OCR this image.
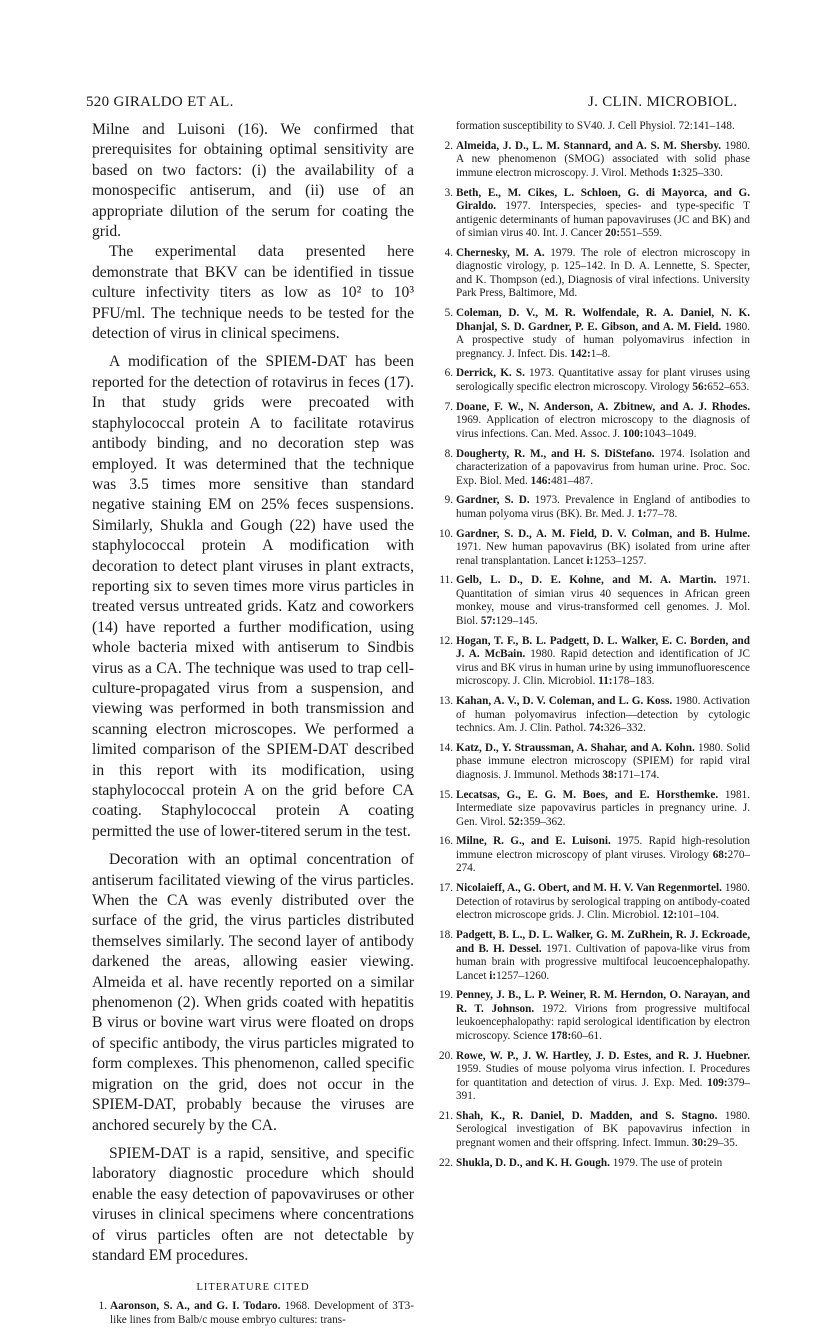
520 GIRALDO ET AL.	J. CLIN. MICROBIOL.

Milne and Luisoni (16). We confirmed that prerequisites for obtaining optimal sensitivity are based on two factors: (i) the availability of a monospecific antiserum, and (ii) use of an appropriate dilution of the serum for coating the grid.

The experimental data presented here demonstrate that BKV can be identified in tissue culture infectivity titers as low as 10² to 10³ PFU/ml. The technique needs to be tested for the detection of virus in clinical specimens.

A modification of the SPIEM-DAT has been reported for the detection of rotavirus in feces (17). In that study grids were precoated with staphylococcal protein A to facilitate rotavirus antibody binding, and no decoration step was employed. It was determined that the technique was 3.5 times more sensitive than standard negative staining EM on 25% feces suspensions. Similarly, Shukla and Gough (22) have used the staphylococcal protein A modification with decoration to detect plant viruses in plant extracts, reporting six to seven times more virus particles in treated versus untreated grids. Katz and coworkers (14) have reported a further modification, using whole bacteria mixed with antiserum to Sindbis virus as a CA. The technique was used to trap cell-culture-propagated virus from a suspension, and viewing was performed in both transmission and scanning electron microscopes. We performed a limited comparison of the SPIEM-DAT described in this report with its modification, using staphylococcal protein A on the grid before CA coating. Staphylococcal protein A coating permitted the use of lower-titered serum in the test.

Decoration with an optimal concentration of antiserum facilitated viewing of the virus particles. When the CA was evenly distributed over the surface of the grid, the virus particles distributed themselves similarly. The second layer of antibody darkened the areas, allowing easier viewing. Almeida et al. have recently reported on a similar phenomenon (2). When grids coated with hepatitis B virus or bovine wart virus were floated on drops of specific antibody, the virus particles migrated to form complexes. This phenomenon, called specific migration on the grid, does not occur in the SPIEM-DAT, probably because the viruses are anchored securely by the CA.

SPIEM-DAT is a rapid, sensitive, and specific laboratory diagnostic procedure which should enable the easy detection of papovaviruses or other viruses in clinical specimens where concentrations of virus particles often are not detectable by standard EM procedures.

LITERATURE CITED
1. Aaronson, S. A., and G. I. Todaro. 1968. Development of 3T3-like lines from Balb/c mouse embryo cultures: trans-
formation susceptibility to SV40. J. Cell Physiol. 72:141–148.
2. Almeida, J. D., L. M. Stannard, and A. S. M. Shersby. 1980. A new phenomenon (SMOG) associated with solid phase immune electron microscopy. J. Virol. Methods 1:325–330.
3. Beth, E., M. Cikes, L. Schloen, G. di Mayorca, and G. Giraldo. 1977. Interspecies, species- and type-specific T antigenic determinants of human papovaviruses (JC and BK) and of simian virus 40. Int. J. Cancer 20:551–559.
4. Chernesky, M. A. 1979. The role of electron microscopy in diagnostic virology, p. 125–142. In D. A. Lennette, S. Specter, and K. Thompson (ed.), Diagnosis of viral infections. University Park Press, Baltimore, Md.
5. Coleman, D. V., M. R. Wolfendale, R. A. Daniel, N. K. Dhanjal, S. D. Gardner, P. E. Gibson, and A. M. Field. 1980. A prospective study of human polyomavirus infection in pregnancy. J. Infect. Dis. 142:1–8.
6. Derrick, K. S. 1973. Quantitative assay for plant viruses using serologically specific electron microscopy. Virology 56:652–653.
7. Doane, F. W., N. Anderson, A. Zbitnew, and A. J. Rhodes. 1969. Application of electron microscopy to the diagnosis of virus infections. Can. Med. Assoc. J. 100:1043–1049.
8. Dougherty, R. M., and H. S. DiStefano. 1974. Isolation and characterization of a papovavirus from human urine. Proc. Soc. Exp. Biol. Med. 146:481–487.
9. Gardner, S. D. 1973. Prevalence in England of antibodies to human polyoma virus (BK). Br. Med. J. 1:77–78.
10. Gardner, S. D., A. M. Field, D. V. Colman, and B. Hulme. 1971. New human papovavirus (BK) isolated from urine after renal transplantation. Lancet i:1253–1257.
11. Gelb, L. D., D. E. Kohne, and M. A. Martin. 1971. Quantitation of simian virus 40 sequences in African green monkey, mouse and virus-transformed cell genomes. J. Mol. Biol. 57:129–145.
12. Hogan, T. F., B. L. Padgett, D. L. Walker, E. C. Borden, and J. A. McBain. 1980. Rapid detection and identification of JC virus and BK virus in human urine by using immunofluorescence microscopy. J. Clin. Microbiol. 11:178–183.
13. Kahan, A. V., D. V. Coleman, and L. G. Koss. 1980. Activation of human polyomavirus infection—detection by cytologic technics. Am. J. Clin. Pathol. 74:326–332.
14. Katz, D., Y. Straussman, A. Shahar, and A. Kohn. 1980. Solid phase immune electron microscopy (SPIEM) for rapid viral diagnosis. J. Immunol. Methods 38:171–174.
15. Lecatsas, G., E. G. M. Boes, and E. Horsthemke. 1981. Intermediate size papovavirus particles in pregnancy urine. J. Gen. Virol. 52:359–362.
16. Milne, R. G., and E. Luisoni. 1975. Rapid high-resolution immune electron microscopy of plant viruses. Virology 68:270–274.
17. Nicolaieff, A., G. Obert, and M. H. V. Van Regenmortel. 1980. Detection of rotavirus by serological trapping on antibody-coated electron microscope grids. J. Clin. Microbiol. 12:101–104.
18. Padgett, B. L., D. L. Walker, G. M. ZuRhein, R. J. Eckroade, and B. H. Dessel. 1971. Cultivation of papova-like virus from human brain with progressive multifocal leucoencephalopathy. Lancet i:1257–1260.
19. Penney, J. B., L. P. Weiner, R. M. Herndon, O. Narayan, and R. T. Johnson. 1972. Virions from progressive multifocal leukoencephalopathy: rapid serological identification by electron microscopy. Science 178:60–61.
20. Rowe, W. P., J. W. Hartley, J. D. Estes, and R. J. Huebner. 1959. Studies of mouse polyoma virus infection. I. Procedures for quantitation and detection of virus. J. Exp. Med. 109:379–391.
21. Shah, K., R. Daniel, D. Madden, and S. Stagno. 1980. Serological investigation of BK papovavirus infection in pregnant women and their offspring. Infect. Immun. 30:29–35.
22. Shukla, D. D., and K. H. Gough. 1979. The use of protein
